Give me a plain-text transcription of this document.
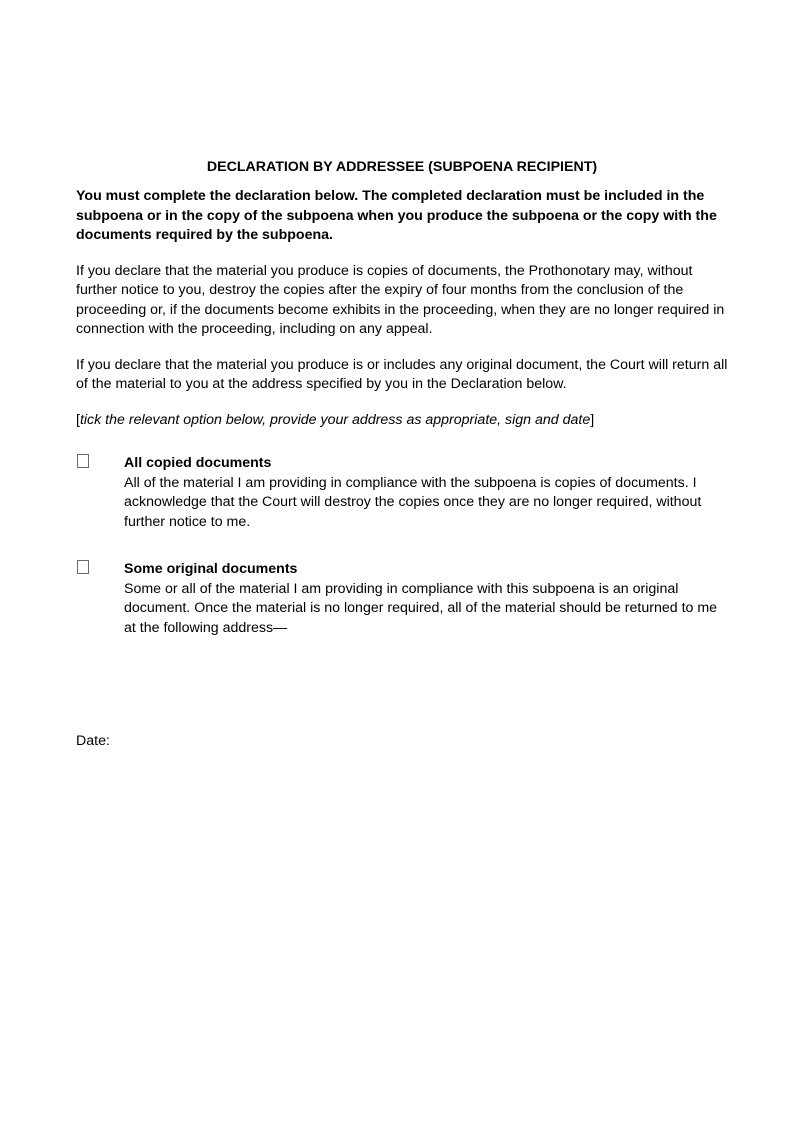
DECLARATION BY ADDRESSEE (SUBPOENA RECIPIENT)
You must complete the declaration below. The completed declaration must be included in the subpoena or in the copy of the subpoena when you produce the subpoena or the copy with the documents required by the subpoena.
If you declare that the material you produce is copies of documents, the Prothonotary may, without further notice to you, destroy the copies after the expiry of four months from the conclusion of the proceeding or, if the documents become exhibits in the proceeding, when they are no longer required in connection with the proceeding, including on any appeal.
If you declare that the material you produce is or includes any original document, the Court will return all of the material to you at the address specified by you in the Declaration below.
[tick the relevant option below, provide your address as appropriate, sign and date]
All copied documents
All of the material I am providing in compliance with the subpoena is copies of documents. I acknowledge that the Court will destroy the copies once they are no longer required, without further notice to me.
Some original documents
Some or all of the material I am providing in compliance with this subpoena is an original document. Once the material is no longer required, all of the material should be returned to me at the following address—
Date:
